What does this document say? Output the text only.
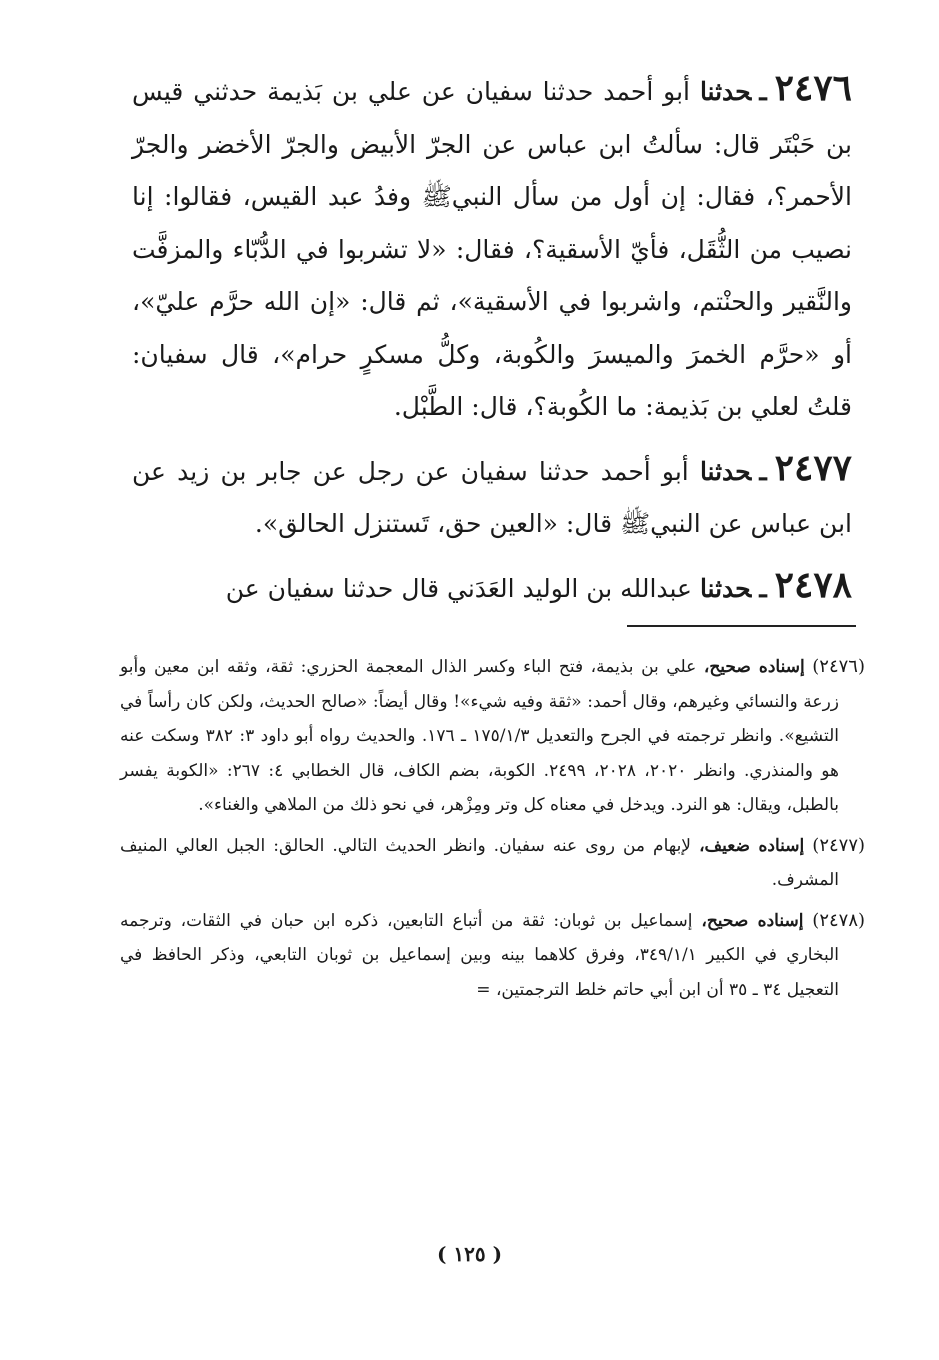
٢٤٧٦ـحدثنا أبو أحمد حدثنا سفيان عن علي بن بَذيمة حدثني قيس بن حَبْتَر قال: سألتُ ابن عباس عن الجرّ الأبيض والجرّ الأخضر والجرّ الأحمر؟، فقال: إن أول من سأل النبيﷺ وفدُ عبد القيس، فقالوا: إنا نصيب من الثُّقَل، فأيّ الأسقية؟، فقال: «لا تشربوا في الدُّبّاء والمزفَّت والنَّقير والحنْتم، واشربوا في الأسقية»، ثم قال: «إن الله حرَّم عليّ»، أو «حرَّم الخمرَ والميسرَ والكُوبة، وكلُّ مسكرٍ حرام»، قال سفيان: قلتُ لعلي بن بَذيمة: ما الكُوبة؟، قال: الطَّبْل.

٢٤٧٧ـحدثنا أبو أحمد حدثنا سفيان عن رجل عن جابر بن زيد عن ابن عباس عن النبيﷺ قال: «العين حق، تَستنزل الحالق».

٢٤٧٨ـحدثنا عبدالله بن الوليد العَدَني قال حدثنا سفيان عن

(٢٤٧٦) إسناده صحيح، علي بن بذيمة، فتح الباء وكسر الذال المعجمة الحزري: ثقة، وثقه ابن معين وأبو زرعة والنسائي وغيرهم، وقال أحمد: «ثقة وفيه شيء»! وقال أيضاً: «صالح الحديث، ولكن كان رأساً في التشيع». وانظر ترجمته في الجرح والتعديل ١٧٥/١/٣ ـ ١٧٦. والحديث رواه أبو داود ٣: ٣٨٢ وسكت عنه هو والمنذري. وانظر ٢٠٢٠، ٢٠٢٨، ٢٤٩٩. الكوبة، بضم الكاف، قال الخطابي ٤: ٢٦٧: «الكوبة يفسر بالطبل، ويقال: هو النرد. ويدخل في معناه كل وتر ومِزْهر، في نحو ذلك من الملاهي والغناء».

(٢٤٧٧) إسناده ضعيف، لإبهام من روى عنه سفيان. وانظر الحديث التالي. الحالق: الجبل العالي المنيف المشرف.

(٢٤٧٨) إسناده صحيح، إسماعيل بن ثوبان: ثقة من أتباع التابعين، ذكره ابن حبان في الثقات، وترجمه البخاري في الكبير ٣٤٩/١/١، وفرق كلاهما بينه وبين إسماعيل بن ثوبان التابعي، وذكر الحافظ في التعجيل ٣٤ ـ ٣٥ أن ابن أبي حاتم خلط الترجمتين، =

( ١٢٥ )
